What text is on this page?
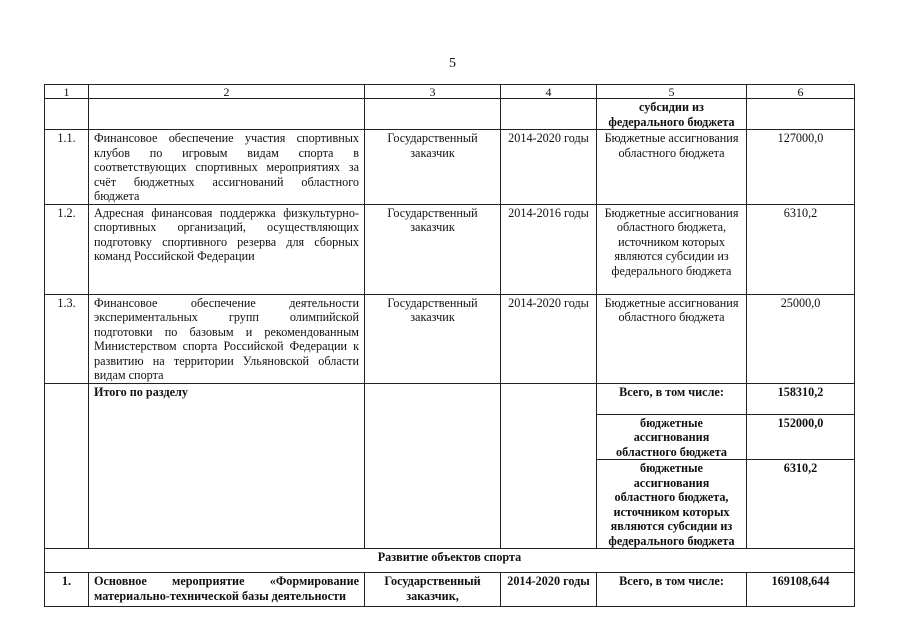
5
1	2	3	4	5	6
				субсидии из федерального бюджета	
1.1.	Финансовое обеспечение участия спортивных клубов по игровым видам спорта в соответствующих спортивных мероприятиях за счёт бюджетных ассигнований областного бюджета	Государственный заказчик	2014-2020 годы	Бюджетные ассигнования областного бюджета	127000,0
1.2.	Адресная финансовая поддержка физкультурно-спортивных организаций, осуществляющих подготовку спортивного резерва для сборных команд Российской Федерации	Государственный заказчик	2014-2016 годы	Бюджетные ассигнования областного бюджета, источником которых являются субсидии из федерального бюджета	6310,2
1.3.	Финансовое обеспечение деятельности экспериментальных групп олимпийской подготовки по базовым и рекомендованным Министерством спорта Российской Федерации к развитию на территории Ульяновской области видам спорта	Государственный заказчик	2014-2020 годы	Бюджетные ассигнования областного бюджета	25000,0
	Итого по разделу			Всего, в том числе:	158310,2
				бюджетные ассигнования областного бюджета	152000,0
				бюджетные ассигнования областного бюджета, источником которых являются субсидии из федерального бюджета	6310,2
Развитие объектов спорта					
1.	Основное мероприятие «Формирование материально-технической базы деятельности	Государственный заказчик,	2014-2020 годы	Всего, в том числе:	169108,644
